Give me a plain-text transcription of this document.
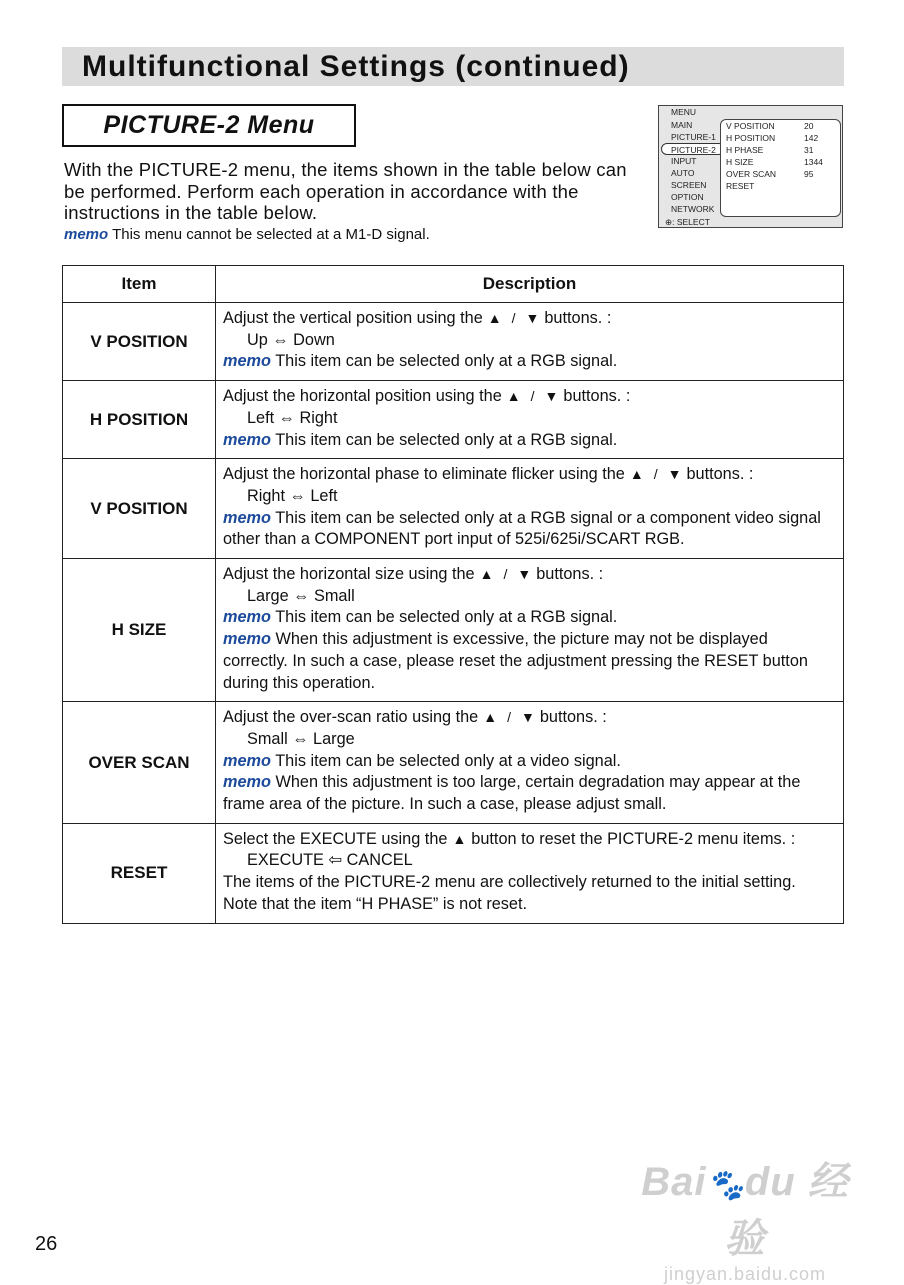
Multifunctional Settings (continued)
PICTURE-2 Menu

With the PICTURE-2 menu, the items shown in the table below can be performed. Perform each operation in accordance with the instructions in the table below.

memo This menu cannot be selected at a M1-D signal.
MENU
MAIN
PICTURE-1
PICTURE-2
INPUT
AUTO
SCREEN
OPTION
NETWORK
V POSITION	20
H POSITION	142
H PHASE	31
H SIZE	1344
OVER SCAN	95
RESET
⊕: SELECT
Item	Description
V POSITION	Adjust the vertical position using the ▲ / ▼ buttons. :
Up ⇔ Down
memo This item can be selected only at a RGB signal.

H POSITION	Adjust the horizontal position using the ▲ / ▼ buttons. :
Left ⇔ Right
memo This item can be selected only at a RGB signal.

V POSITION	Adjust the horizontal phase to eliminate flicker using the ▲ / ▼ buttons. :
Right ⇔ Left
memo This item can be selected only at a RGB signal or a component video signal other than a COMPONENT port input of 525i/625i/SCART RGB.

H SIZE	Adjust the horizontal size using the ▲ / ▼ buttons. :
Large ⇔ Small
memo This item can be selected only at a RGB signal.
memo When this adjustment is excessive, the picture may not be displayed correctly. In such a case, please reset the adjustment pressing the RESET button during this operation.

OVER SCAN	Adjust the over-scan ratio using the ▲ / ▼ buttons. :
Small ⇔ Large
memo This item can be selected only at a video signal.
memo When this adjustment is too large, certain degradation may appear at the frame area of the picture. In such a case, please adjust small.

RESET	Select the EXECUTE using the ▲ button to reset the PICTURE-2 menu items. :
EXECUTE ⇦ CANCEL
The items of the PICTURE-2 menu are collectively returned to the initial setting.
Note that the item “H PHASE” is not reset.
26
Bai🐾du 经验
jingyan.baidu.com
